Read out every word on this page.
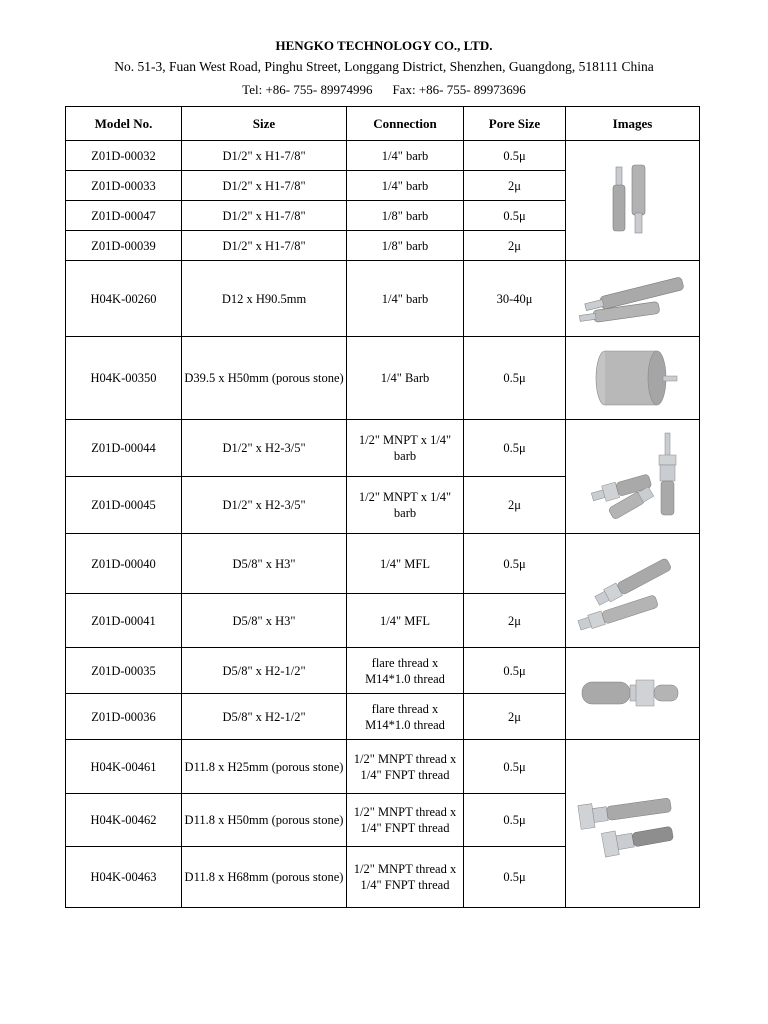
HENGKO TECHNOLOGY CO., LTD.
No. 51-3, Fuan West Road, Pinghu Street, Longgang District, Shenzhen, Guangdong, 518111 China
Tel: +86- 755- 89974996 Fax: +86- 755- 89973696
Model No.	Size	Connection	Pore Size	Images
Z01D-00032	D1/2" x H1-7/8"	1/4" barb	0.5μ	

Z01D-00033	D1/2" x H1-7/8"	1/4" barb	2μ	
Z01D-00047	D1/2" x H1-7/8"	1/8" barb	0.5μ	
Z01D-00039	D1/2" x H1-7/8"	1/8" barb	2μ	
H04K-00260	D12 x H90.5mm	1/4" barb	30-40μ	

H04K-00350	D39.5 x H50mm (porous stone)	1/4" Barb	0.5μ	

Z01D-00044	D1/2" x H2-3/5"	1/2" MNPT x 1/4" barb	0.5μ	

Z01D-00045	D1/2" x H2-3/5"	1/2" MNPT x 1/4" barb	2μ	
Z01D-00040	D5/8" x H3"	1/4" MFL	0.5μ	

Z01D-00041	D5/8" x H3"	1/4" MFL	2μ	
Z01D-00035	D5/8" x H2-1/2"	flare thread x M14*1.0 thread	0.5μ	

Z01D-00036	D5/8" x H2-1/2"	flare thread x M14*1.0 thread	2μ	
H04K-00461	D11.8 x H25mm (porous stone)	1/2" MNPT thread x 1/4" FNPT thread	0.5μ	

H04K-00462	D11.8 x H50mm (porous stone)	1/2" MNPT thread x 1/4" FNPT thread	0.5μ	
H04K-00463	D11.8 x H68mm (porous stone)	1/2" MNPT thread x 1/4" FNPT thread	0.5μ	
